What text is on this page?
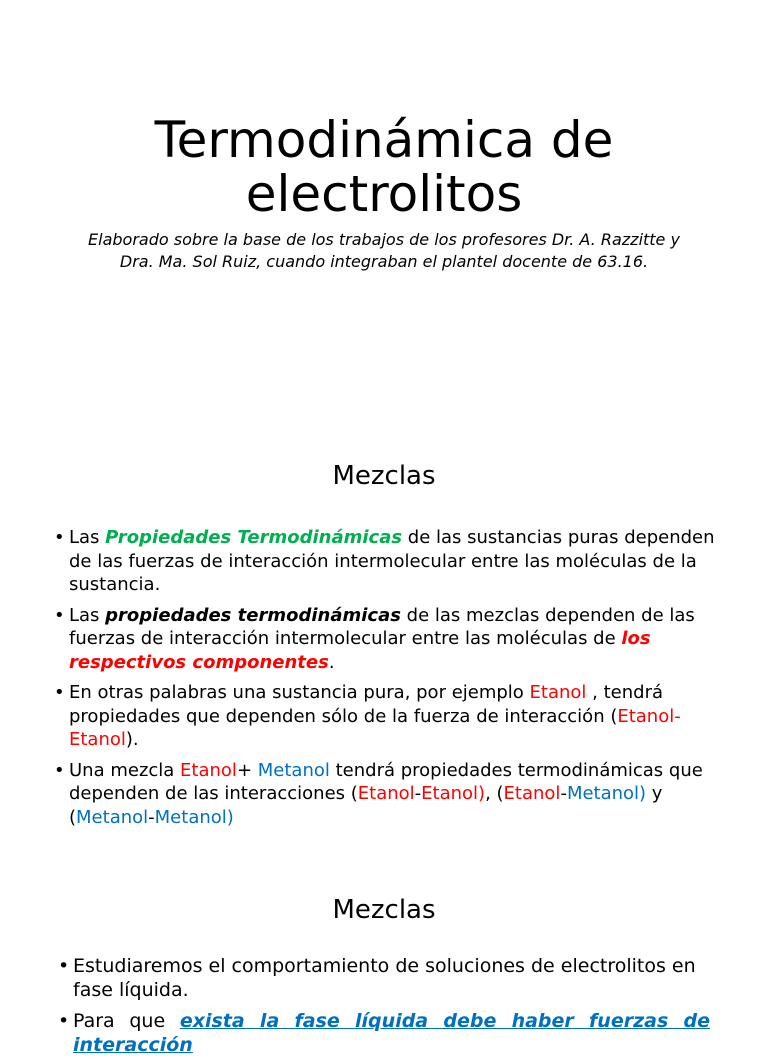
Termodinámica de
electrolitos

Elaborado sobre la base de los trabajos de los profesores Dr. A. Razzitte y
Dra. Ma. Sol Ruiz, cuando integraban el plantel docente de 63.16.

Mezclas
• Las Propiedades Termodinámicas de las sustancias puras dependen de las fuerzas de interacción intermolecular entre las moléculas de la sustancia.
• Las propiedades termodinámicas de las mezclas dependen de las fuerzas de interacción intermolecular entre las moléculas de los respectivos componentes.
• En otras palabras una sustancia pura, por ejemplo Etanol , tendrá propiedades que dependen sólo de la fuerza de interacción (Etanol-Etanol).
• Una mezcla Etanol+ Metanol tendrá propiedades termodinámicas que dependen de las interacciones (Etanol-Etanol), (Etanol-Metanol) y (Metanol-Metanol)
Mezclas
• Estudiaremos el comportamiento de soluciones de electrolitos en fase líquida.
• Para que exista la fase líquida debe haber fuerzas de interacción
